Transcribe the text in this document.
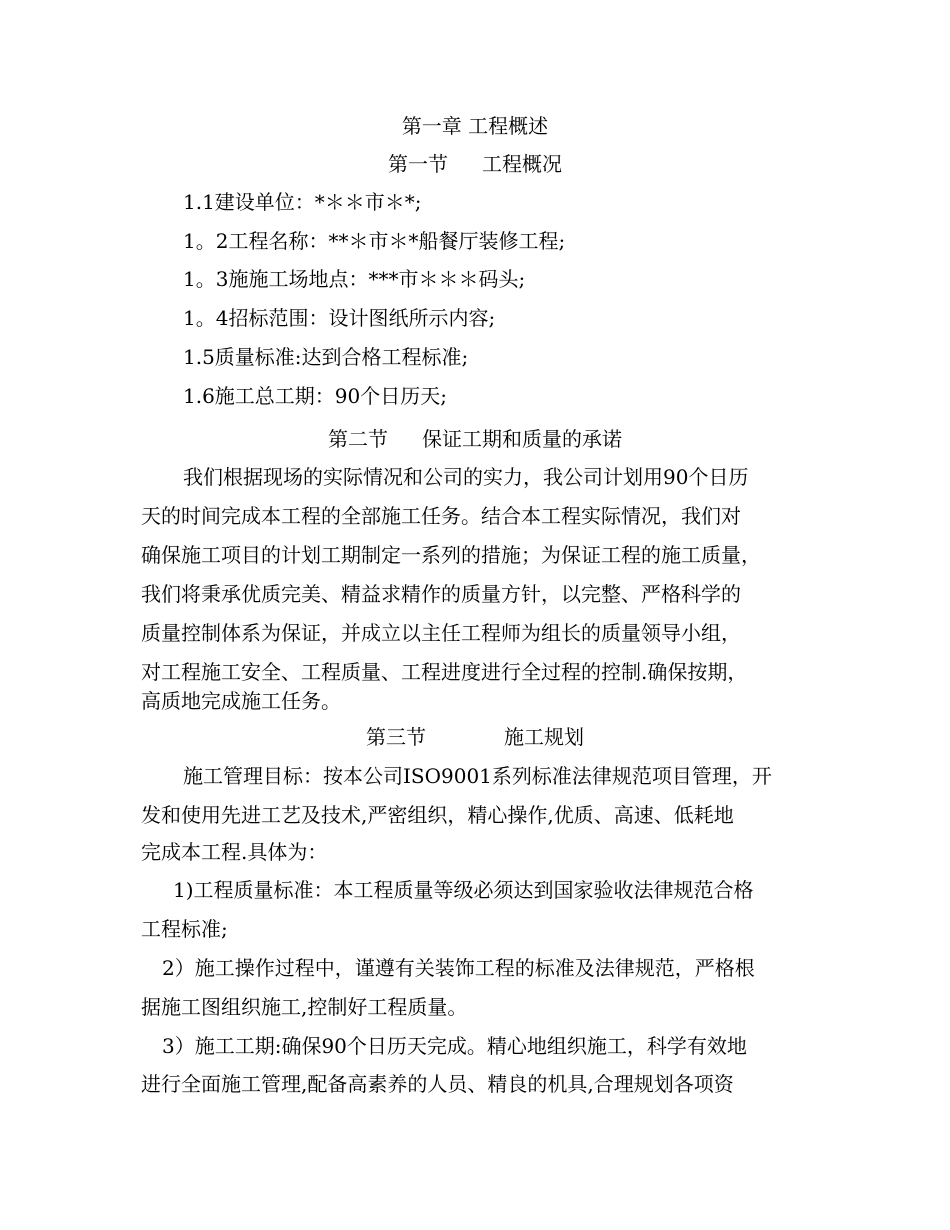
第一章 工程概述
第一节 工程概况
1.1建设单位：*＊＊市＊*;
1。2工程名称：**＊市＊*船餐厅装修工程;
1。3施施工场地点：***市＊＊＊码头;
1。4招标范围：设计图纸所示内容;
1.5质量标准:达到合格工程标准;
1.6施工总工期：90个日历天;
第二节 保证工期和质量的承诺
我们根据现场的实际情况和公司的实力，我公司计划用90个日历
天的时间完成本工程的全部施工任务。结合本工程实际情况，我们对
确保施工项目的计划工期制定一系列的措施；为保证工程的施工质量，
我们将秉承优质完美、精益求精作的质量方针，以完整、严格科学的
质量控制体系为保证，并成立以主任工程师为组长的质量领导小组，
对工程施工安全、工程质量、工程进度进行全过程的控制.确保按期，
高质地完成施工任务。
第三节	施工规划
施工管理目标：按本公司ISO9001系列标准法律规范项目管理，开
发和使用先进工艺及技术,严密组织，精心操作,优质、高速、低耗地
完成本工程.具体为：
1)工程质量标准：本工程质量等级必须达到国家验收法律规范合格
工程标准;
2）施工操作过程中，谨遵有关装饰工程的标准及法律规范，严格根
据施工图组织施工,控制好工程质量。
3）施工工期:确保90个日历天完成。精心地组织施工，科学有效地
进行全面施工管理,配备高素养的人员、精良的机具,合理规划各项资
